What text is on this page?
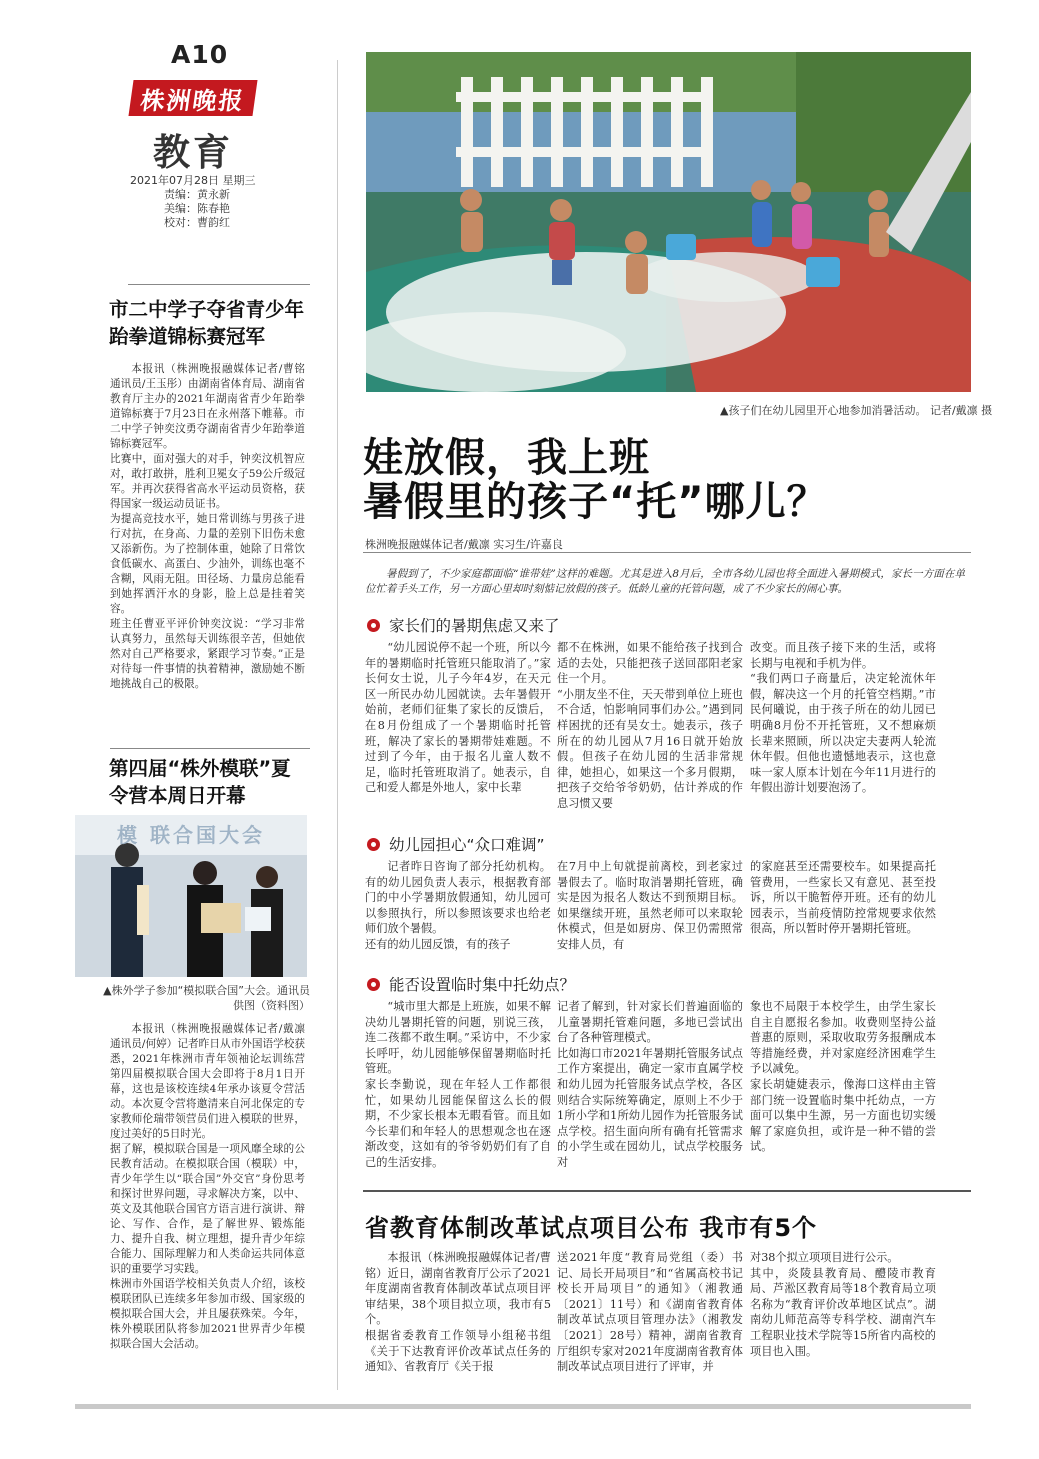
A10
株洲晚报
教育
2021年07月28日 星期三
责编：黄永新
美编：陈春艳
校对：曹韵红
▲孩子们在幼儿园里开心地参加消暑活动。 记者/戴凛 摄
娃放假，我上班
暑假里的孩子“托”哪儿？
株洲晚报融媒体记者/戴凛 实习生/许嘉良
暑假到了，不少家庭都面临“谁带娃”这样的难题。尤其是进入8月后，全市各幼儿园也将全面进入暑期模式，家长一方面在单位忙着手头工作，另一方面心里却时刻惦记放假的孩子。低龄儿童的托管问题，成了不少家长的闹心事。
家长们的暑期焦虑又来了
“幼儿园说停不起一个班，所以今年的暑期临时托管班只能取消了。”家长何女士说，儿子今年4岁，在天元区一所民办幼儿园就读。去年暑假开始前，老师们征集了家长的反馈后，在8月份组成了一个暑期临时托管班，解决了家长的暑期带娃难题。不过到了今年，由于报名儿童人数不足，临时托管班取消了。她表示，自己和爱人都是外地人，家中长辈
都不在株洲，如果不能给孩子找到合适的去处，只能把孩子送回邵阳老家住一个月。
“小朋友坐不住，天天带到单位上班也不合适，怕影响同事们办公。”遇到同样困扰的还有吴女士。她表示，孩子所在的幼儿园从7月16日就开始放假。但孩子在幼儿园的生活非常规律，她担心，如果这一个多月假期，把孩子交给爷爷奶奶，估计养成的作息习惯又要
改变。而且孩子接下来的生活，或将长期与电视和手机为伴。
“我们两口子商量后，决定轮流休年假，解决这一个月的托管空档期。”市民何曦说，由于孩子所在的幼儿园已明确8月份不开托管班，又不想麻烦长辈来照顾，所以决定夫妻两人轮流休年假。但他也遗憾地表示，这也意味一家人原本计划在今年11月进行的年假出游计划要泡汤了。
幼儿园担心“众口难调”
记者昨日咨询了部分托幼机构。有的幼儿园负责人表示，根据教育部门的中小学暑期放假通知，幼儿园可以参照执行，所以参照该要求也给老师们放个暑假。
还有的幼儿园反馈，有的孩子
在7月中上旬就提前离校，到老家过暑假去了。临时取消暑期托管班，确实是因为报名人数达不到预期目标。如果继续开班，虽然老师可以来取轮休模式，但是如厨房、保卫仍需照常安排人员，有
的家庭甚至还需要校车。如果提高托管费用，一些家长又有意见、甚至投诉，所以干脆暂停开班。还有的幼儿园表示，当前疫情防控常规要求依然很高，所以暂时停开暑期托管班。
能否设置临时集中托幼点？
“城市里大都是上班族，如果不解决幼儿暑期托管的问题，别说三孩，连二孩都不敢生啊。”采访中，不少家长呼吁，幼儿园能够保留暑期临时托管班。
家长李勤说，现在年轻人工作都很忙，如果幼儿园能保留这么长的假期，不少家长根本无暇看管。而且如今长辈们和年轻人的思想观念也在逐渐改变，这如有的爷爷奶奶们有了自己的生活安排。
记者了解到，针对家长们普遍面临的儿童暑期托管难问题，多地已尝试出台了各种管理模式。
比如海口市2021年暑期托管服务试点工作方案提出，确定一家市直属学校和幼儿园为托管服务试点学校，各区则结合实际统筹确定，原则上不少于1所小学和1所幼儿园作为托管服务试点学校。招生面向所有确有托管需求的小学生或在园幼儿，试点学校服务对
象也不局限于本校学生，由学生家长自主自愿报名参加。收费则坚持公益普惠的原则，采取收取劳务报酬成本等措施经费，并对家庭经济困难学生予以减免。
家长胡婕婕表示，像海口这样由主管部门统一设置临时集中托幼点，一方面可以集中生源，另一方面也切实缓解了家庭负担，或许是一种不错的尝试。
省教育体制改革试点项目公布 我市有5个
本报讯（株洲晚报融媒体记者/曹铭）近日，湖南省教育厅公示了2021年度湖南省教育体制改革试点项目评审结果，38个项目拟立项，我市有5个。
根据省委教育工作领导小组秘书组《关于下达教育评价改革试点任务的通知》、省教育厅《关于报
送2021年度“教育局党组（委）书记、局长开局项目”和“省属高校书记校长开局项目”的通知》（湘教通〔2021〕11号）和《湖南省教育体制改革试点项目管理办法》（湘教发〔2021〕28号）精神，湖南省教育厅组织专家对2021年度湖南省教育体制改革试点项目进行了评审，并
对38个拟立项项目进行公示。
其中，炎陵县教育局、醴陵市教育局、芦淞区教育局等18个教育局立项名称为“教育评价改革地区试点”。湖南幼儿师范高等专科学校、湖南汽车工程职业技术学院等15所省内高校的项目也入围。
市二中学子夺省青少年跆拳道锦标赛冠军
本报讯（株洲晚报融媒体记者/曹铭 通讯员/王玉彤）由湖南省体育局、湖南省教育厅主办的2021年湖南省青少年跆拳道锦标赛于7月23日在永州落下帷幕。市二中学子钟奕汶勇夺湖南省青少年跆拳道锦标赛冠军。
比赛中，面对强大的对手，钟奕汶机智应对，敢打敢拼，胜利卫冕女子59公斤级冠军。并再次获得省高水平运动员资格，获得国家一级运动员证书。
为提高竞技水平，她日常训练与男孩子进行对抗，在身高、力量的差别下旧伤未愈又添新伤。为了控制体重，她除了日常饮食低碳水、高蛋白、少油外，训练也毫不含糊，风雨无阻。田径场、力量房总能看到她挥洒汗水的身影，脸上总是挂着笑容。
班主任曹亚平评价钟奕汶说：“学习非常认真努力，虽然每天训练很辛苦，但她依然对自己严格要求，紧跟学习节奏。”正是对待每一件事情的执着精神，激励她不断地挑战自己的极限。
第四届“株外模联”夏令营本周日开幕
模 联合国大会
▲株外学子参加“模拟联合国”大会。通讯员供图（资料图）
本报讯（株洲晚报融媒体记者/戴凛 通讯员/何婷）记者昨日从市外国语学校获悉，2021年株洲市青年领袖论坛训练营第四届模拟联合国大会即将于8月1日开幕，这也是该校连续4年承办该夏令营活动。本次夏令营将邀清来自河北保定的专家教师伦瑞带领营员们进入模联的世界，度过美好的5日时光。
据了解，模拟联合国是一项风靡全球的公民教育活动。在模拟联合国（模联）中，青少年学生以“联合国”外交官”身份思考和探讨世界问题，寻求解决方案，以中、英文及其他联合国官方语言进行演讲、辩论、写作、合作，是了解世界、锻炼能力、提升自我、树立理想，提升青少年综合能力、国际理解力和人类命运共同体意识的重要学习实践。
株洲市外国语学校相关负责人介绍，该校模联团队已连续多年参加市级、国家级的模拟联合国大会，并且屡获殊荣。今年，株外模联团队将参加2021世界青少年模拟联合国大会活动。
